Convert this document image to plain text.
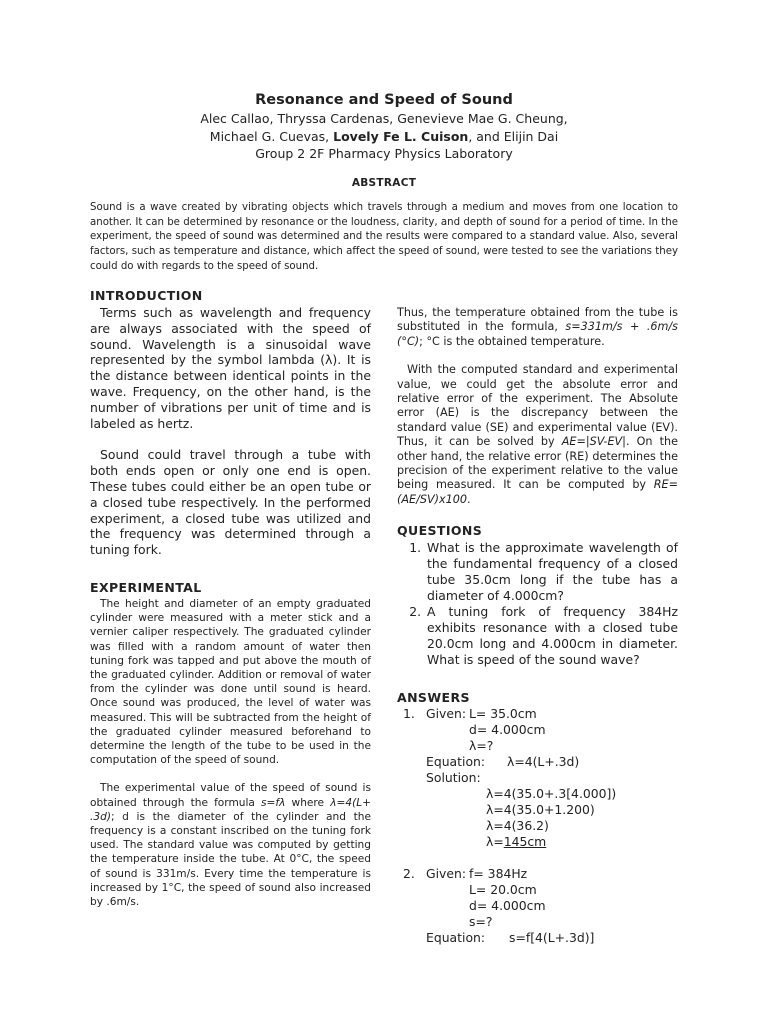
Resonance and Speed of Sound
Alec Callao, Thryssa Cardenas, Genevieve Mae G. Cheung,
Michael G. Cuevas, Lovely Fe L. Cuison, and Elijin Dai
Group 2 2F Pharmacy Physics Laboratory
ABSTRACT

Sound is a wave created by vibrating objects which travels through a medium and moves from one location to another. It can be determined by resonance or the loudness, clarity, and depth of sound for a period of time. In the experiment, the speed of sound was determined and the results were compared to a standard value. Also, several factors, such as temperature and distance, which affect the speed of sound, were tested to see the variations they could do with regards to the speed of sound.

INTRODUCTION

Terms such as wavelength and frequency are always associated with the speed of sound. Wavelength is a sinusoidal wave represented by the symbol lambda (λ). It is the distance between identical points in the wave. Frequency, on the other hand, is the number of vibrations per unit of time and is labeled as hertz.

Sound could travel through a tube with both ends open or only one end is open. These tubes could either be an open tube or a closed tube respectively. In the performed experiment, a closed tube was utilized and the frequency was determined through a tuning fork.

EXPERIMENTAL

The height and diameter of an empty graduated cylinder were measured with a meter stick and a vernier caliper respectively. The graduated cylinder was filled with a random amount of water then tuning fork was tapped and put above the mouth of the graduated cylinder. Addition or removal of water from the cylinder was done until sound is heard. Once sound was produced, the level of water was measured. This will be subtracted from the height of the graduated cylinder measured beforehand to determine the length of the tube to be used in the computation of the speed of sound.

The experimental value of the speed of sound is obtained through the formula s=fλ where λ=4(L+ .3d); d is the diameter of the cylinder and the frequency is a constant inscribed on the tuning fork used. The standard value was computed by getting the temperature inside the tube. At 0°C, the speed of sound is 331m/s. Every time the temperature is increased by 1°C, the speed of sound also increased by .6m/s.

Thus, the temperature obtained from the tube is substituted in the formula, s=331m/s + .6m/s (°C); °C is the obtained temperature.

With the computed standard and experimental value, we could get the absolute error and relative error of the experiment. The Absolute error (AE) is the discrepancy between the standard value (SE) and experimental value (EV). Thus, it can be solved by AE=|SV-EV|. On the other hand, the relative error (RE) determines the precision of the experiment relative to the value being measured. It can be computed by RE= (AE/SV)x100.

QUESTIONS
1. What is the approximate wavelength of the fundamental frequency of a closed tube 35.0cm long if the tube has a diameter of 4.000cm?
2. A tuning fork of frequency 384Hz exhibits resonance with a closed tube 20.0cm long and 4.000cm in diameter. What is speed of the sound wave?
ANSWERS
1. Given: L= 35.0cm
d= 4.000cm
λ=?
Equation: λ=4(L+.3d)
Solution:
λ=4(35.0+.3[4.000])
λ=4(35.0+1.200)
λ=4(36.2)
λ=145cm
2. Given: f= 384Hz
L= 20.0cm
d= 4.000cm
s=?
Equation: s=f[4(L+.3d)]
